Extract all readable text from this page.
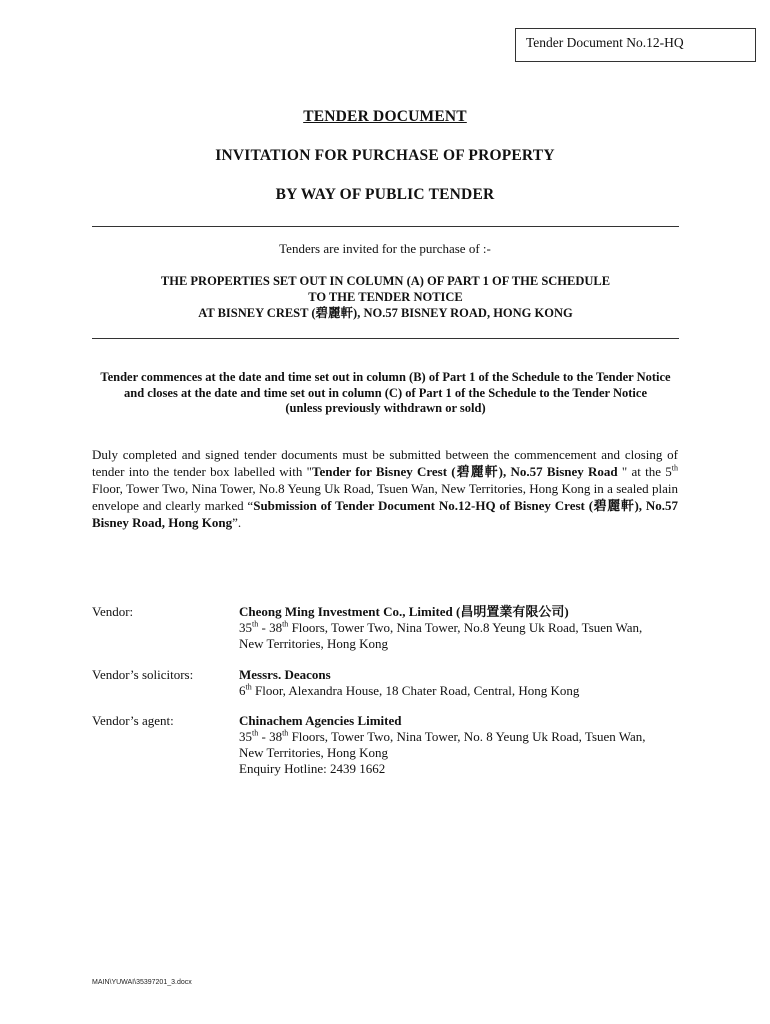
Tender Document No.12-HQ
TENDER DOCUMENT
INVITATION FOR PURCHASE OF PROPERTY
BY WAY OF PUBLIC TENDER
Tenders are invited for the purchase of :-
THE PROPERTIES SET OUT IN COLUMN (A) OF PART 1 OF THE SCHEDULE
TO THE TENDER NOTICE
AT BISNEY CREST (碧麗軒), NO.57 BISNEY ROAD, HONG KONG
Tender commences at the date and time set out in column (B) of Part 1 of the Schedule to the Tender Notice and closes at the date and time set out in column (C) of Part 1 of the Schedule to the Tender Notice
(unless previously withdrawn or sold)
Duly completed and signed tender documents must be submitted between the commencement and closing of tender into the tender box labelled with "Tender for Bisney Crest (碧麗軒), No.57 Bisney Road " at the 5th Floor, Tower Two, Nina Tower, No.8 Yeung Uk Road, Tsuen Wan, New Territories, Hong Kong in a sealed plain envelope and clearly marked “Submission of Tender Document No.12-HQ of Bisney Crest (碧麗軒), No.57 Bisney Road, Hong Kong”.
Vendor:	Cheong Ming Investment Co., Limited (昌明置業有限公司)
35th - 38th Floors, Tower Two, Nina Tower, No.8 Yeung Uk Road, Tsuen Wan, New Territories, Hong Kong
Vendor’s solicitors:	Messrs. Deacons
6th Floor, Alexandra House, 18 Chater Road, Central, Hong Kong
Vendor’s agent:	Chinachem Agencies Limited
35th - 38th Floors, Tower Two, Nina Tower, No. 8 Yeung Uk Road, Tsuen Wan, New Territories, Hong Kong
Enquiry Hotline: 2439 1662
MAIN\YUWAI\35397201_3.docx
